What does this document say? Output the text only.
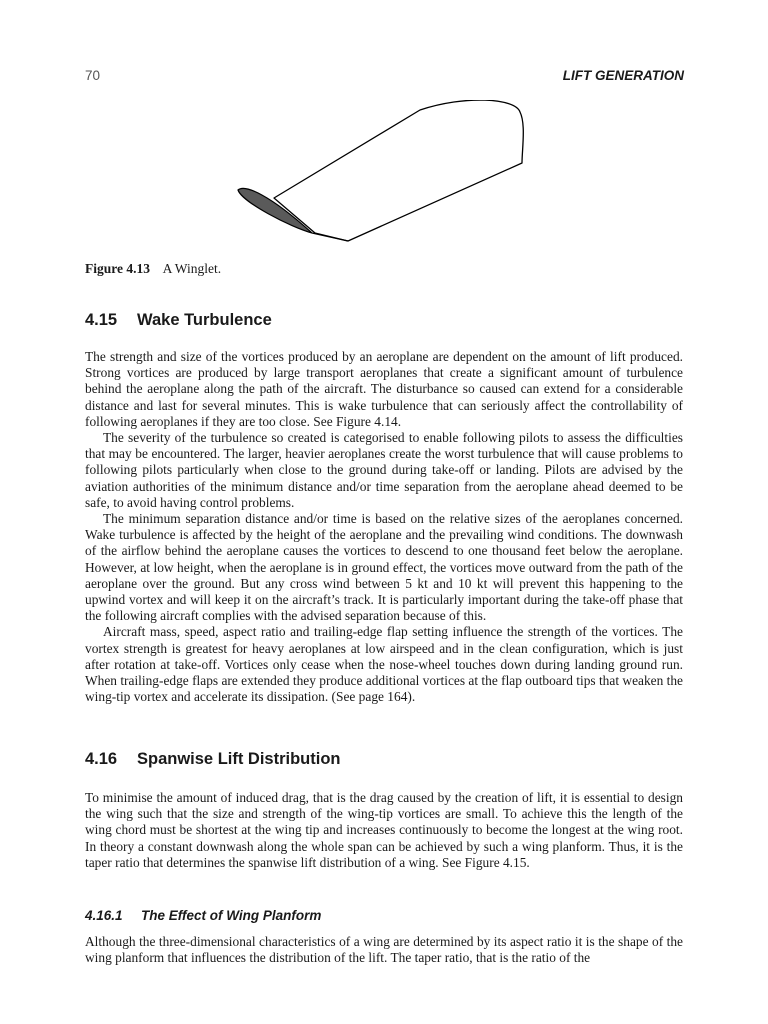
70	LIFT GENERATION
Figure 4.13 A Winglet.
4.15 Wake Turbulence

The strength and size of the vortices produced by an aeroplane are dependent on the amount of lift produced. Strong vortices are produced by large transport aeroplanes that create a significant amount of turbulence behind the aeroplane along the path of the aircraft. The disturbance so caused can extend for a considerable distance and last for several minutes. This is wake turbulence that can seriously affect the controllability of following aeroplanes if they are too close. See Figure 4.14.

The severity of the turbulence so created is categorised to enable following pilots to assess the difficulties that may be encountered. The larger, heavier aeroplanes create the worst turbulence that will cause problems to following pilots particularly when close to the ground during take-off or landing. Pilots are advised by the aviation authorities of the minimum distance and/or time separation from the aeroplane ahead deemed to be safe, to avoid having control problems.

The minimum separation distance and/or time is based on the relative sizes of the aeroplanes concerned. Wake turbulence is affected by the height of the aeroplane and the prevailing wind conditions. The downwash of the airflow behind the aeroplane causes the vortices to descend to one thousand feet below the aeroplane. However, at low height, when the aeroplane is in ground effect, the vortices move outward from the path of the aeroplane over the ground. But any cross wind between 5 kt and 10 kt will prevent this happening to the upwind vortex and will keep it on the aircraft’s track. It is particularly important during the take-off phase that the following aircraft complies with the advised separation because of this.

Aircraft mass, speed, aspect ratio and trailing-edge flap setting influence the strength of the vortices. The vortex strength is greatest for heavy aeroplanes at low airspeed and in the clean configuration, which is just after rotation at take-off. Vortices only cease when the nose-wheel touches down during landing ground run. When trailing-edge flaps are extended they produce additional vortices at the flap outboard tips that weaken the wing-tip vortex and accelerate its dissipation. (See page 164).

4.16 Spanwise Lift Distribution

To minimise the amount of induced drag, that is the drag caused by the creation of lift, it is essential to design the wing such that the size and strength of the wing-tip vortices are small. To achieve this the length of the wing chord must be shortest at the wing tip and increases continuously to become the longest at the wing root. In theory a constant downwash along the whole span can be achieved by such a wing planform. Thus, it is the taper ratio that determines the spanwise lift distribution of a wing. See Figure 4.15.

4.16.1 The Effect of Wing Planform

Although the three-dimensional characteristics of a wing are determined by its aspect ratio it is the shape of the wing planform that influences the distribution of the lift. The taper ratio, that is the ratio of the
